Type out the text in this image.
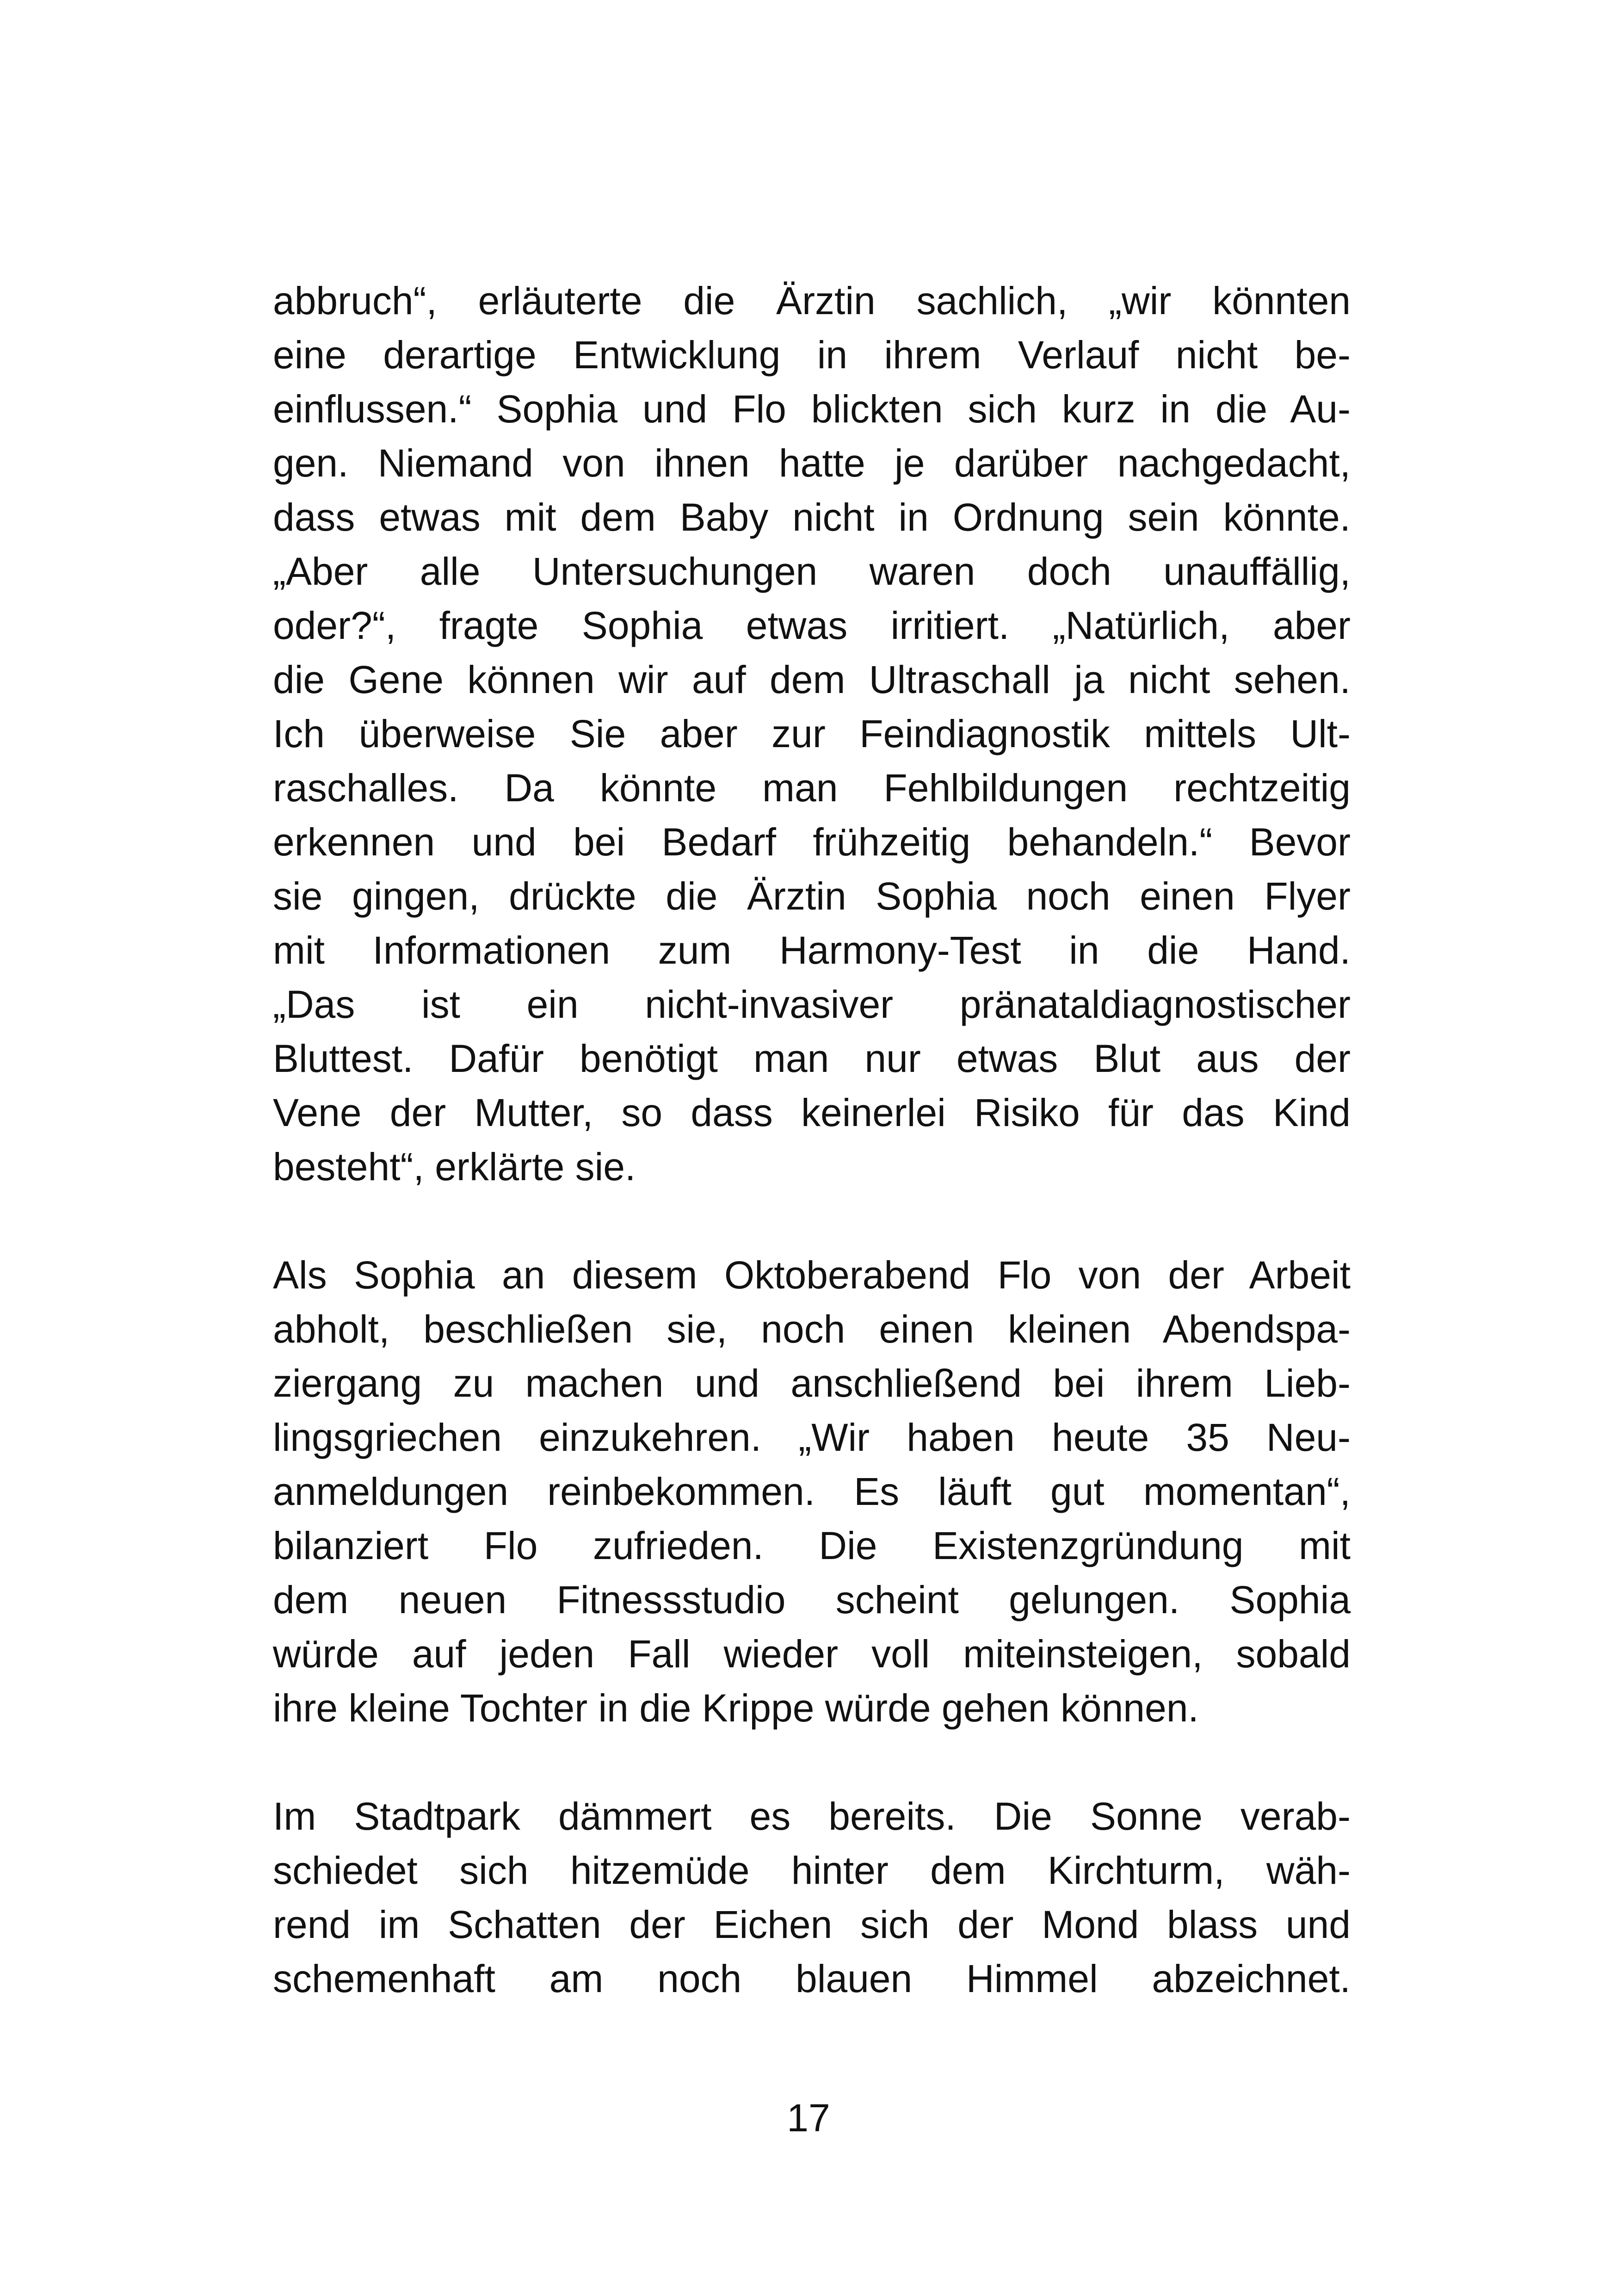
abbruch“, erläuterte die Ärztin sachlich, „wir könnten
eine derartige Entwicklung in ihrem Verlauf nicht be-
einflussen.“ Sophia und Flo blickten sich kurz in die Au-
gen. Niemand von ihnen hatte je darüber nachgedacht,
dass etwas mit dem Baby nicht in Ordnung sein könnte.
„Aber alle Untersuchungen waren doch unauffällig,
oder?“, fragte Sophia etwas irritiert. „Natürlich, aber
die Gene können wir auf dem Ultraschall ja nicht sehen.
Ich überweise Sie aber zur Feindiagnostik mittels Ult-
raschalles. Da könnte man Fehlbildungen rechtzeitig
erkennen und bei Bedarf frühzeitig behandeln.“ Bevor
sie gingen, drückte die Ärztin Sophia noch einen Flyer
mit Informationen zum Harmony-Test in die Hand.
„Das ist ein nicht-invasiver pränataldiagnostischer
Bluttest. Dafür benötigt man nur etwas Blut aus der
Vene der Mutter, so dass keinerlei Risiko für das Kind
besteht“, erklärte sie.
Als Sophia an diesem Oktoberabend Flo von der Arbeit
abholt, beschließen sie, noch einen kleinen Abendspa-
ziergang zu machen und anschließend bei ihrem Lieb-
lingsgriechen einzukehren. „Wir haben heute 35 Neu-
anmeldungen reinbekommen. Es läuft gut momentan“,
bilanziert Flo zufrieden. Die Existenzgründung mit
dem neuen Fitnessstudio scheint gelungen. Sophia
würde auf jeden Fall wieder voll miteinsteigen, sobald
ihre kleine Tochter in die Krippe würde gehen können.
Im Stadtpark dämmert es bereits. Die Sonne verab-
schiedet sich hitzemüde hinter dem Kirchturm, wäh-
rend im Schatten der Eichen sich der Mond blass und
schemenhaft am noch blauen Himmel abzeichnet.
17
